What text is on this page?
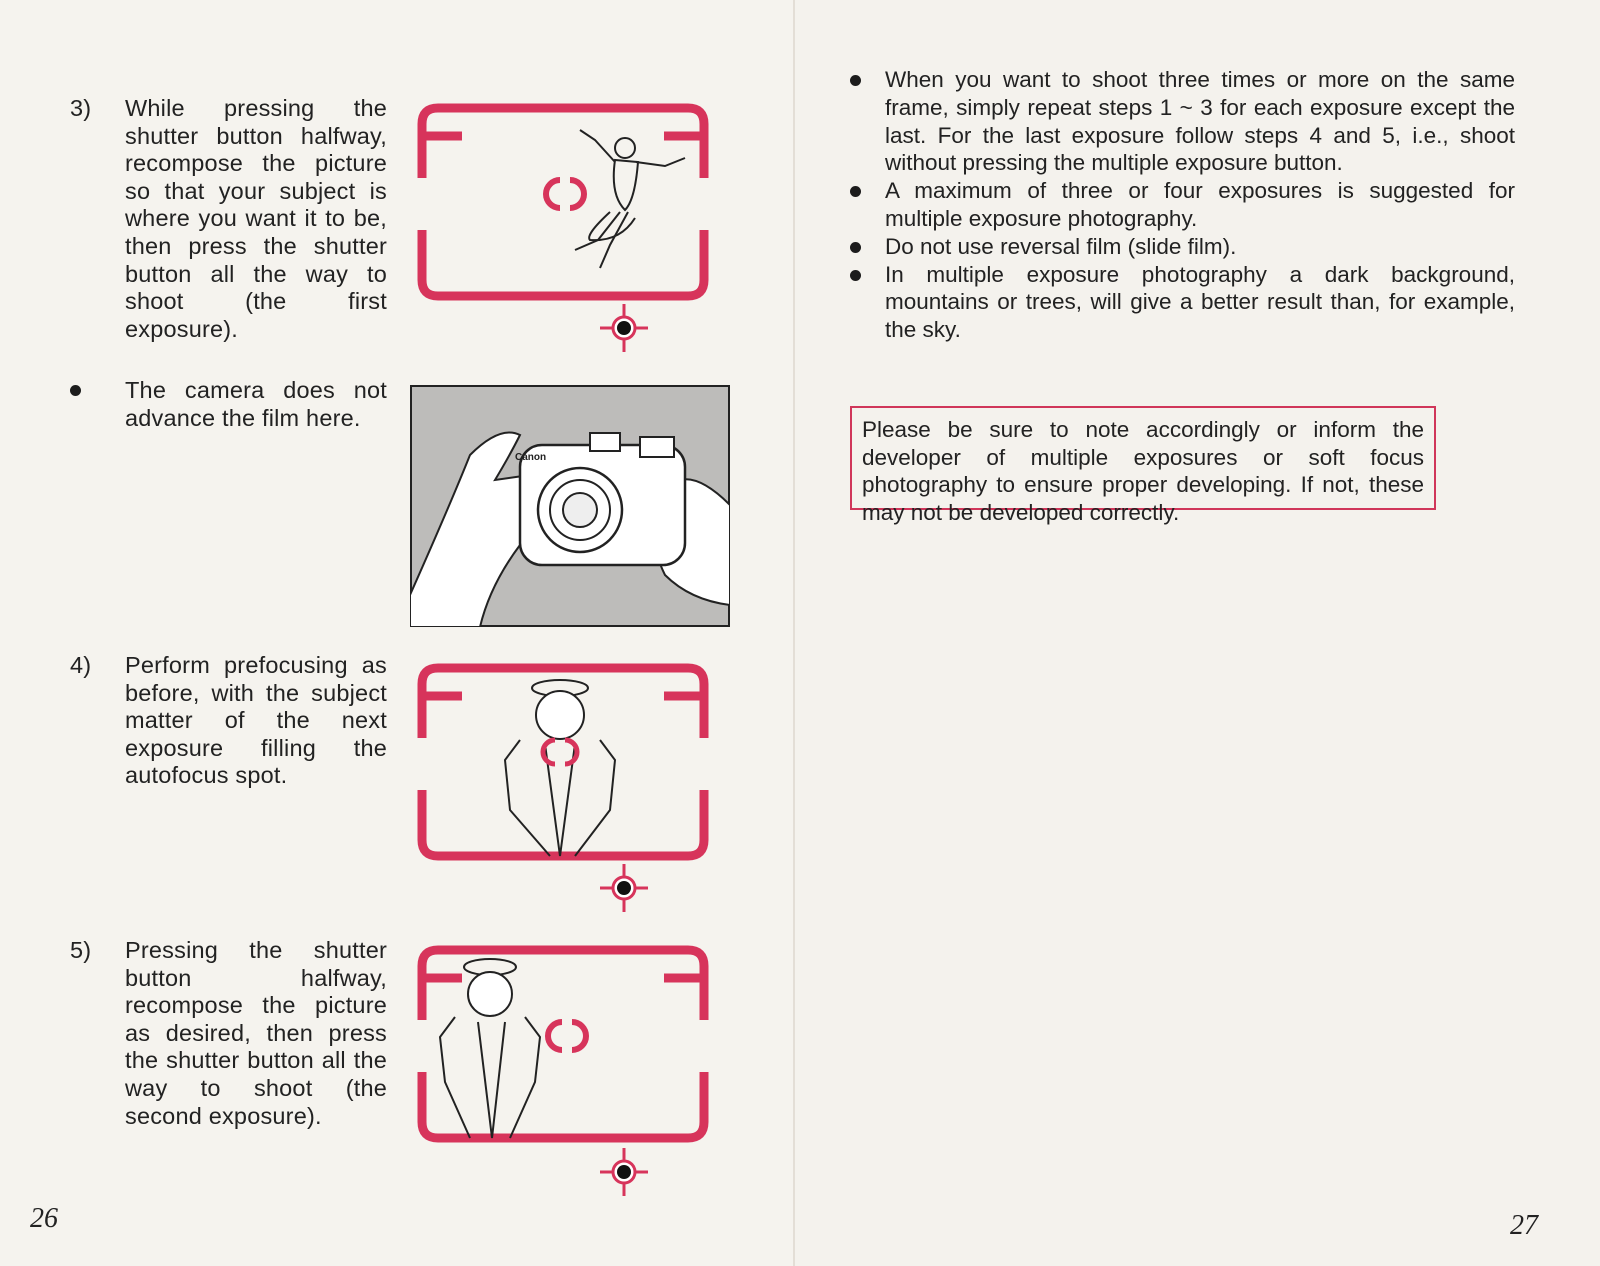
3) While pressing the shutter button halfway, recompose the picture so that your subject is where you want it to be, then press the shutter button all the way to shoot (the first exposure).
The camera does not advance the film here.
4) Perform prefocusing as before, with the subject matter of the next exposure filling the autofocus spot.
5) Pressing the shutter button halfway, recompose the picture as desired, then press the shutter button all the way to shoot (the second exposure).
Canon
26
When you want to shoot three times or more on the same frame, simply repeat steps 1 ~ 3 for each exposure except the last. For the last exposure follow steps 4 and 5, i.e., shoot without pressing the multiple exposure button.
A maximum of three or four exposures is suggested for multiple exposure photography.
Do not use reversal film (slide film).
In multiple exposure photography a dark background, mountains or trees, will give a better result than, for example, the sky.
Please be sure to note accordingly or inform the developer of multiple exposures or soft focus photography to ensure proper developing. If not, these may not be developed correctly.
27
